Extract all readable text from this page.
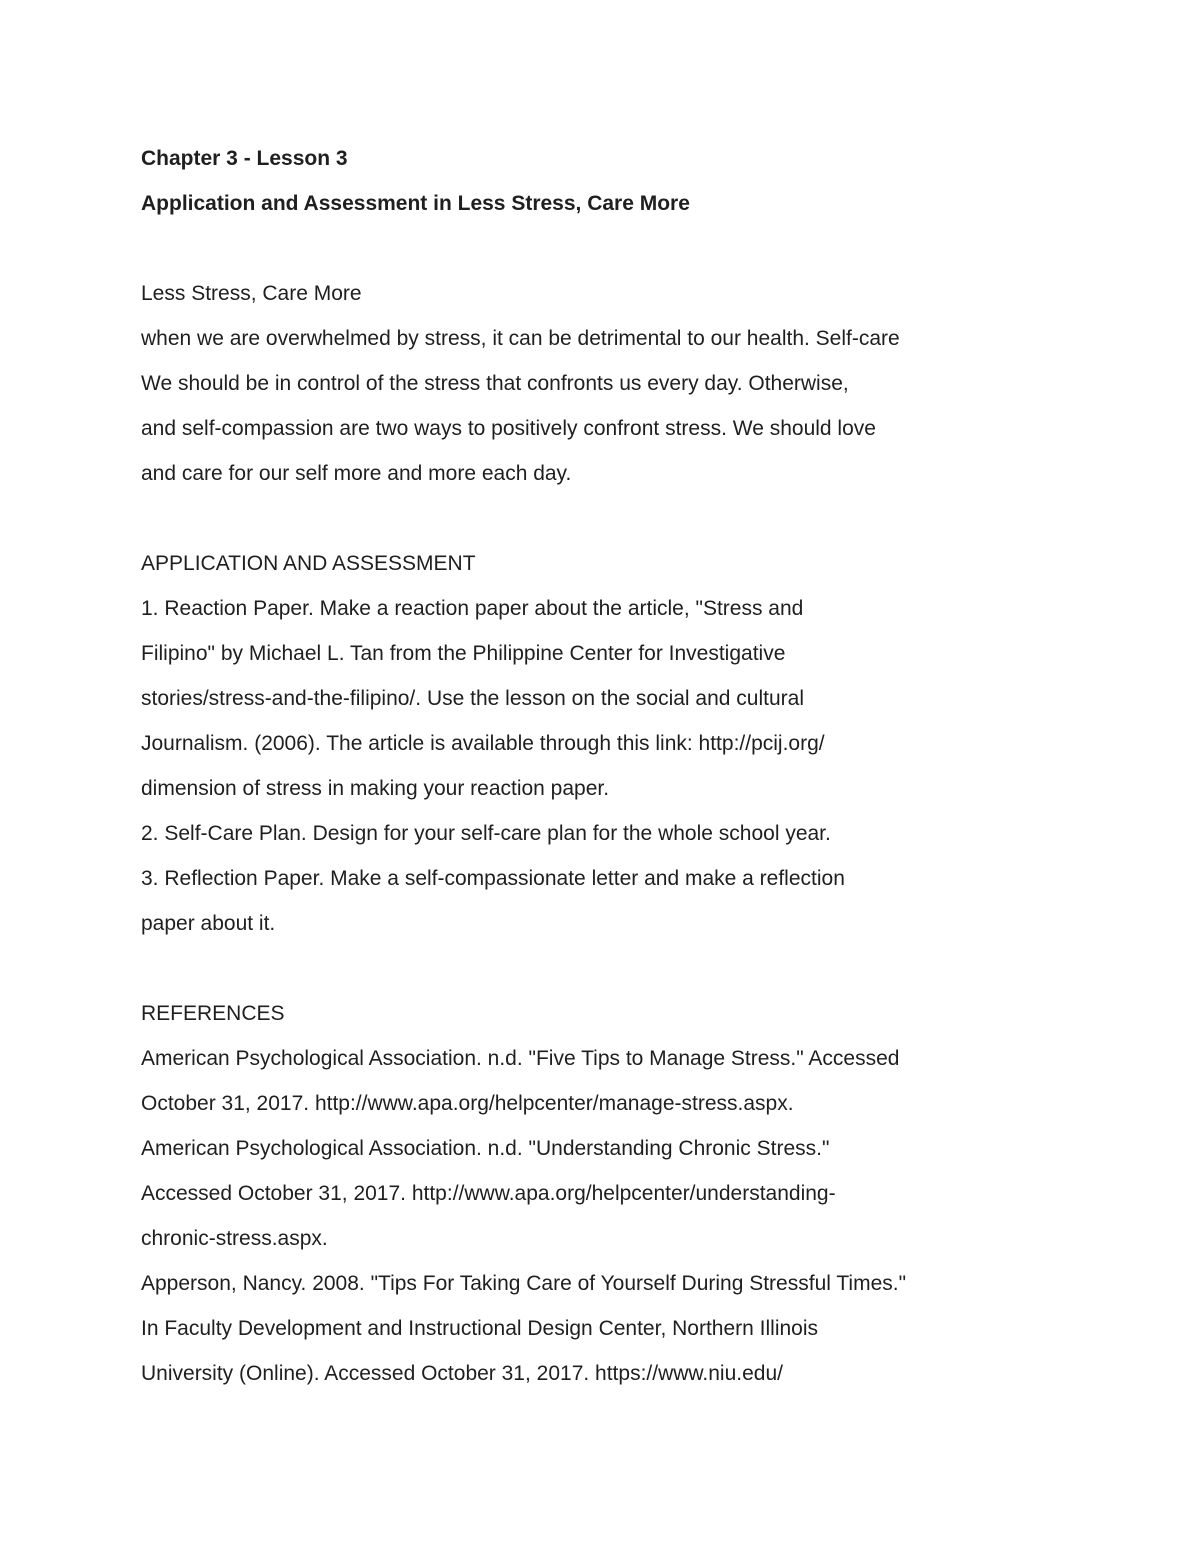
Chapter 3 - Lesson 3

Application and Assessment in Less Stress, Care More

Less Stress, Care More

when we are overwhelmed by stress, it can be detrimental to our health. Self-care

We should be in control of the stress that confronts us every day. Otherwise,

and self-compassion are two ways to positively confront stress. We should love

and care for our self more and more each day.

APPLICATION AND ASSESSMENT

1. Reaction Paper. Make a reaction paper about the article, "Stress and

Filipino" by Michael L. Tan from the Philippine Center for Investigative

stories/stress-and-the-filipino/. Use the lesson on the social and cultural

Journalism. (2006). The article is available through this link: http://pcij.org/

dimension of stress in making your reaction paper.

2. Self-Care Plan. Design for your self-care plan for the whole school year.

3. Reflection Paper. Make a self-compassionate letter and make a reflection

paper about it.

REFERENCES

American Psychological Association. n.d. "Five Tips to Manage Stress." Accessed

October 31, 2017. http://www.apa.org/helpcenter/manage-stress.aspx.

American Psychological Association. n.d. "Understanding Chronic Stress."

Accessed October 31, 2017. http://www.apa.org/helpcenter/understanding-

chronic-stress.aspx.

Apperson, Nancy. 2008. "Tips For Taking Care of Yourself During Stressful Times."

In Faculty Development and Instructional Design Center, Northern Illinois

University (Online). Accessed October 31, 2017. https://www.niu.edu/
